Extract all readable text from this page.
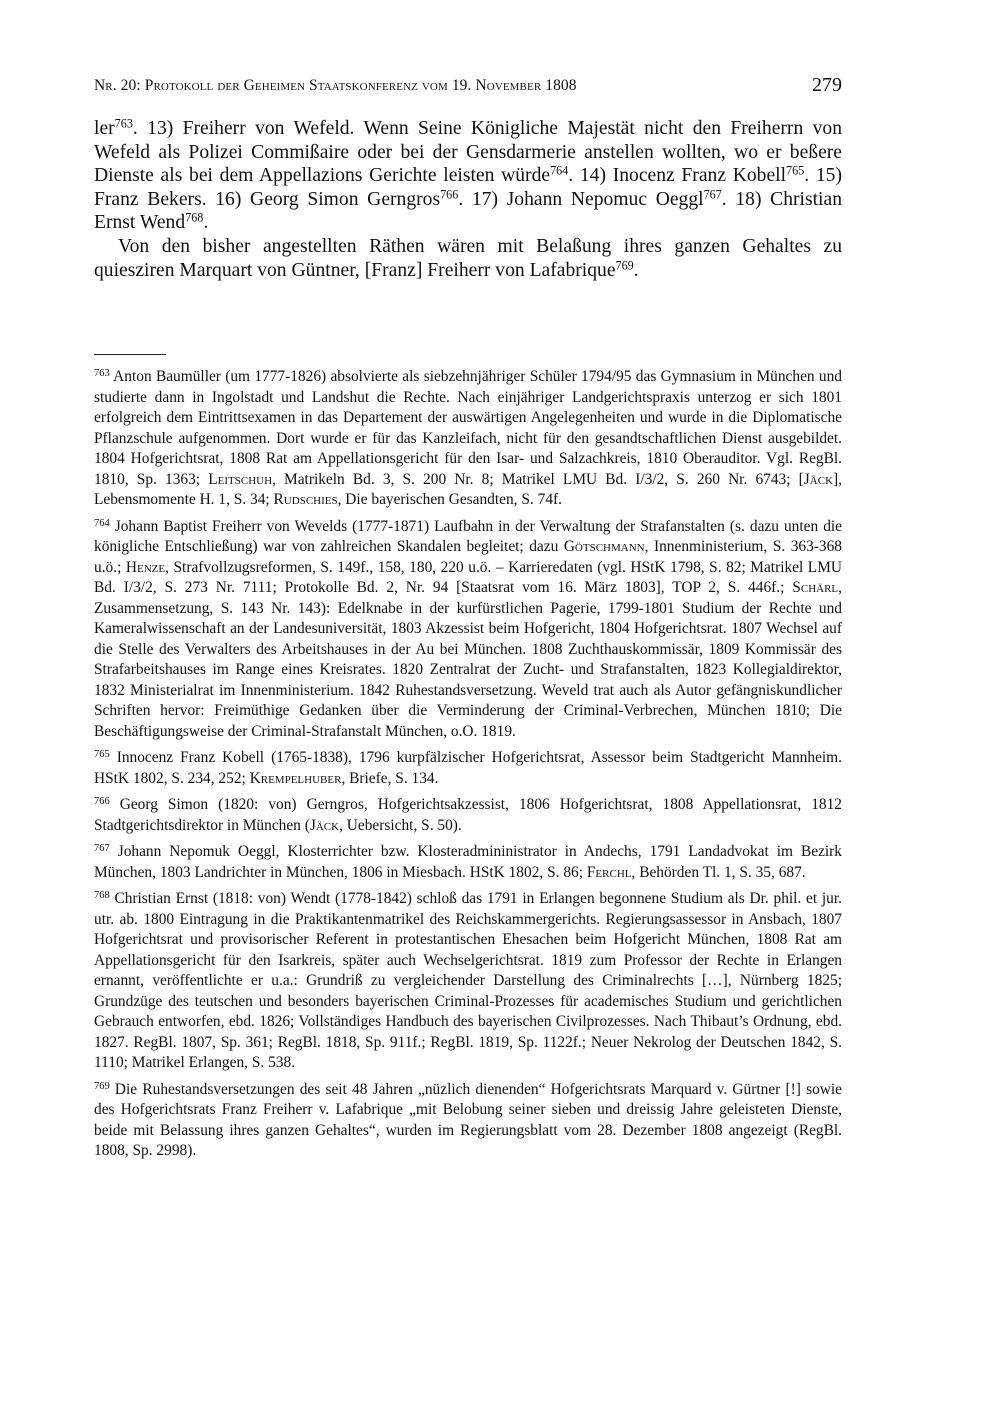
Nr. 20: Protokoll der Geheimen Staatskonferenz vom 19. November 1808	279

ler$^{763}$. 13) Freiherr von Wefeld. Wenn Seine Königliche Majestät nicht den Freiherrn von Wefeld als Polizei Commißaire oder bei der Gensdarmerie anstellen wollten, wo er beßere Dienste als bei dem Appellazions Gerichte leisten würde$^{764}$. 14) Inocenz Franz Kobell$^{765}$. 15) Franz Bekers. 16) Georg Simon Gerngros$^{766}$. 17) Johann Nepomuc Oeggl$^{767}$. 18) Christian Ernst Wend$^{768}$.

Von den bisher angestellten Räthen wären mit Belaßung ihres ganzen Gehaltes zu quiesziren Marquart von Güntner, [Franz] Freiherr von Lafabrique$^{769}$.

$^{763}$ Anton Baumüller (um 1777-1826) absolvierte als siebzehnjähriger Schüler 1794/95 das Gymnasium in München und studierte dann in Ingolstadt und Landshut die Rechte. Nach einjähriger Landgerichtspraxis unterzog er sich 1801 erfolgreich dem Eintrittsexamen in das Departement der auswärtigen Angelegenheiten und wurde in die Diplomatische Pflanzschule aufgenommen. Dort wurde er für das Kanzleifach, nicht für den gesandtschaftlichen Dienst ausgebildet. 1804 Hofgerichtsrat, 1808 Rat am Appellationsgericht für den Isar- und Salzachkreis, 1810 Oberauditor. Vgl. RegBl. 1810, Sp. 1363; Leitschuh, Matrikeln Bd. 3, S. 200 Nr. 8; Matrikel LMU Bd. I/3/2, S. 260 Nr. 6743; [Jäck], Lebensmomente H. 1, S. 34; Rudschies, Die bayerischen Gesandten, S. 74f.

$^{764}$ Johann Baptist Freiherr von Wevelds (1777-1871) Laufbahn in der Verwaltung der Strafanstalten (s. dazu unten die königliche Entschließung) war von zahlreichen Skandalen begleitet; dazu Götschmann, Innenministerium, S. 363-368 u.ö.; Henze, Strafvollzugsreformen, S. 149f., 158, 180, 220 u.ö. – Karrieredaten (vgl. HStK 1798, S. 82; Matrikel LMU Bd. I/3/2, S. 273 Nr. 7111; Protokolle Bd. 2, Nr. 94 [Staatsrat vom 16. März 1803], TOP 2, S. 446f.; Schärl, Zusammensetzung, S. 143 Nr. 143): Edelknabe in der kurfürstlichen Pagerie, 1799-1801 Studium der Rechte und Kameralwissenschaft an der Landesuniversität, 1803 Akzessist beim Hofgericht, 1804 Hofgerichtsrat. 1807 Wechsel auf die Stelle des Verwalters des Arbeitshauses in der Au bei München. 1808 Zuchthauskommissär, 1809 Kommissär des Strafarbeitshauses im Range eines Kreisrates. 1820 Zentralrat der Zucht- und Strafanstalten, 1823 Kollegialdirektor, 1832 Ministerialrat im Innenministerium. 1842 Ruhestandsversetzung. Weveld trat auch als Autor gefängniskundlicher Schriften hervor: Freimüthige Gedanken über die Verminderung der Criminal-Verbrechen, München 1810; Die Beschäftigungsweise der Criminal-Strafanstalt München, o.O. 1819.

$^{765}$ Innocenz Franz Kobell (1765-1838), 1796 kurpfälzischer Hofgerichtsrat, Assessor beim Stadtgericht Mannheim. HStK 1802, S. 234, 252; Krempelhuber, Briefe, S. 134.

$^{766}$ Georg Simon (1820: von) Gerngros, Hofgerichtsakzessist, 1806 Hofgerichtsrat, 1808 Appellationsrat, 1812 Stadtgerichtsdirektor in München (Jäck, Uebersicht, S. 50).

$^{767}$ Johann Nepomuk Oeggl, Klosterrichter bzw. Klosteradmininistrator in Andechs, 1791 Landadvokat im Bezirk München, 1803 Landrichter in München, 1806 in Miesbach. HStK 1802, S. 86; Ferchl, Behörden Tl. 1, S. 35, 687.

$^{768}$ Christian Ernst (1818: von) Wendt (1778-1842) schloß das 1791 in Erlangen begonnene Studium als Dr. phil. et jur. utr. ab. 1800 Eintragung in die Praktikantenmatrikel des Reichskammergerichts. Regierungsassessor in Ansbach, 1807 Hofgerichtsrat und provisorischer Referent in protestantischen Ehesachen beim Hofgericht München, 1808 Rat am Appellationsgericht für den Isarkreis, später auch Wechselgerichtsrat. 1819 zum Professor der Rechte in Erlangen ernannt, veröffentlichte er u.a.: Grundriß zu vergleichender Darstellung des Criminalrechts […], Nürnberg 1825; Grundzüge des teutschen und besonders bayerischen Criminal-Prozesses für academisches Studium und gerichtlichen Gebrauch entworfen, ebd. 1826; Vollständiges Handbuch des bayerischen Civilprozesses. Nach Thibaut’s Ordnung, ebd. 1827. RegBl. 1807, Sp. 361; RegBl. 1818, Sp. 911f.; RegBl. 1819, Sp. 1122f.; Neuer Nekrolog der Deutschen 1842, S. 1110; Matrikel Erlangen, S. 538.

$^{769}$ Die Ruhestandsversetzungen des seit 48 Jahren „nüzlich dienenden“ Hofgerichtsrats Marquard v. Gürtner [!] sowie des Hofgerichtsrats Franz Freiherr v. Lafabrique „mit Belobung seiner sieben und dreissig Jahre geleisteten Dienste, beide mit Belassung ihres ganzen Gehaltes“, wurden im Regierungsblatt vom 28. Dezember 1808 angezeigt (RegBl. 1808, Sp. 2998).
